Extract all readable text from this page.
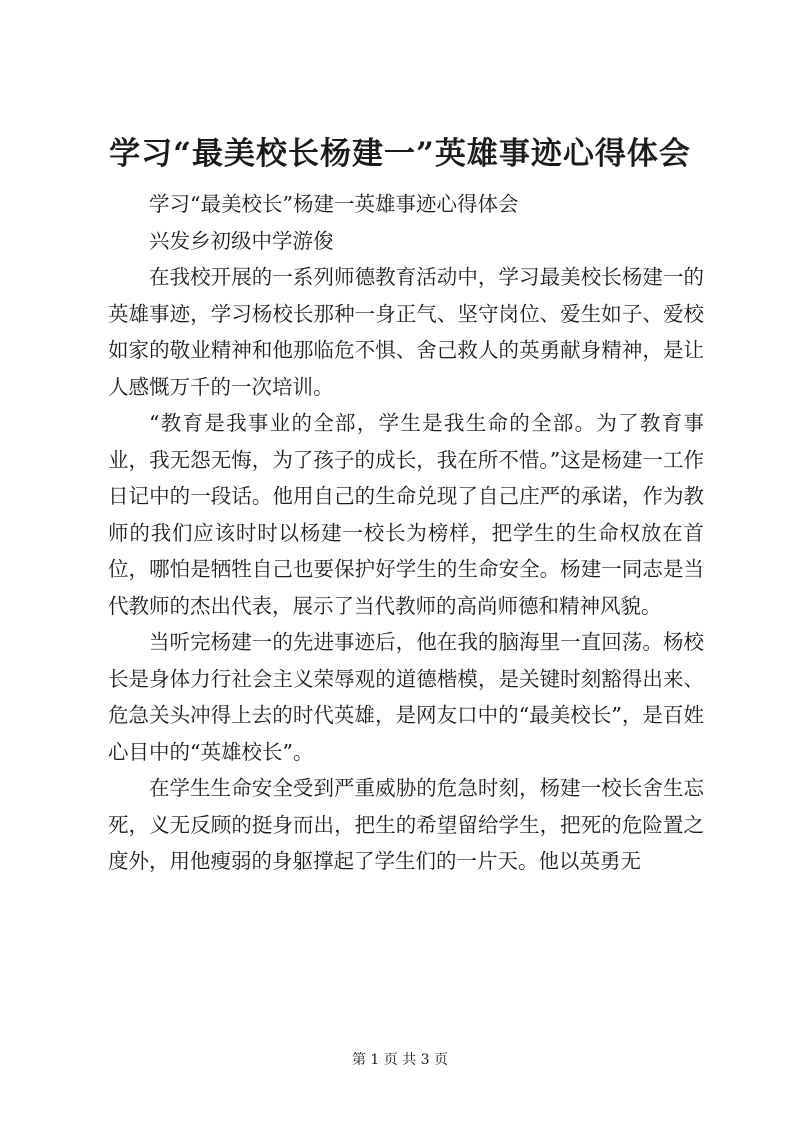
学习“最美校长杨建一”英雄事迹心得体会

学习“最美校长”杨建一英雄事迹心得体会

兴发乡初级中学游俊

在我校开展的一系列师德教育活动中，学习最美校长杨建一的英雄事迹，学习杨校长那种一身正气、坚守岗位、爱生如子、爱校如家的敬业精神和他那临危不惧、舍己救人的英勇献身精神，是让人感慨万千的一次培训。

“教育是我事业的全部，学生是我生命的全部。为了教育事业，我无怨无悔，为了孩子的成长，我在所不惜。”这是杨建一工作日记中的一段话。他用自己的生命兑现了自己庄严的承诺，作为教师的我们应该时时以杨建一校长为榜样，把学生的生命权放在首位，哪怕是牺牲自己也要保护好学生的生命安全。杨建一同志是当代教师的杰出代表，展示了当代教师的高尚师德和精神风貌。

当听完杨建一的先进事迹后，他在我的脑海里一直回荡。杨校长是身体力行社会主义荣辱观的道德楷模，是关键时刻豁得出来、危急关头冲得上去的时代英雄，是网友口中的“最美校长”，是百姓心目中的“英雄校长”。

在学生生命安全受到严重威胁的危急时刻，杨建一校长舍生忘死，义无反顾的挺身而出，把生的希望留给学生，把死的危险置之度外，用他瘦弱的身躯撑起了学生们的一片天。他以英勇无

第 1 页 共 3 页
